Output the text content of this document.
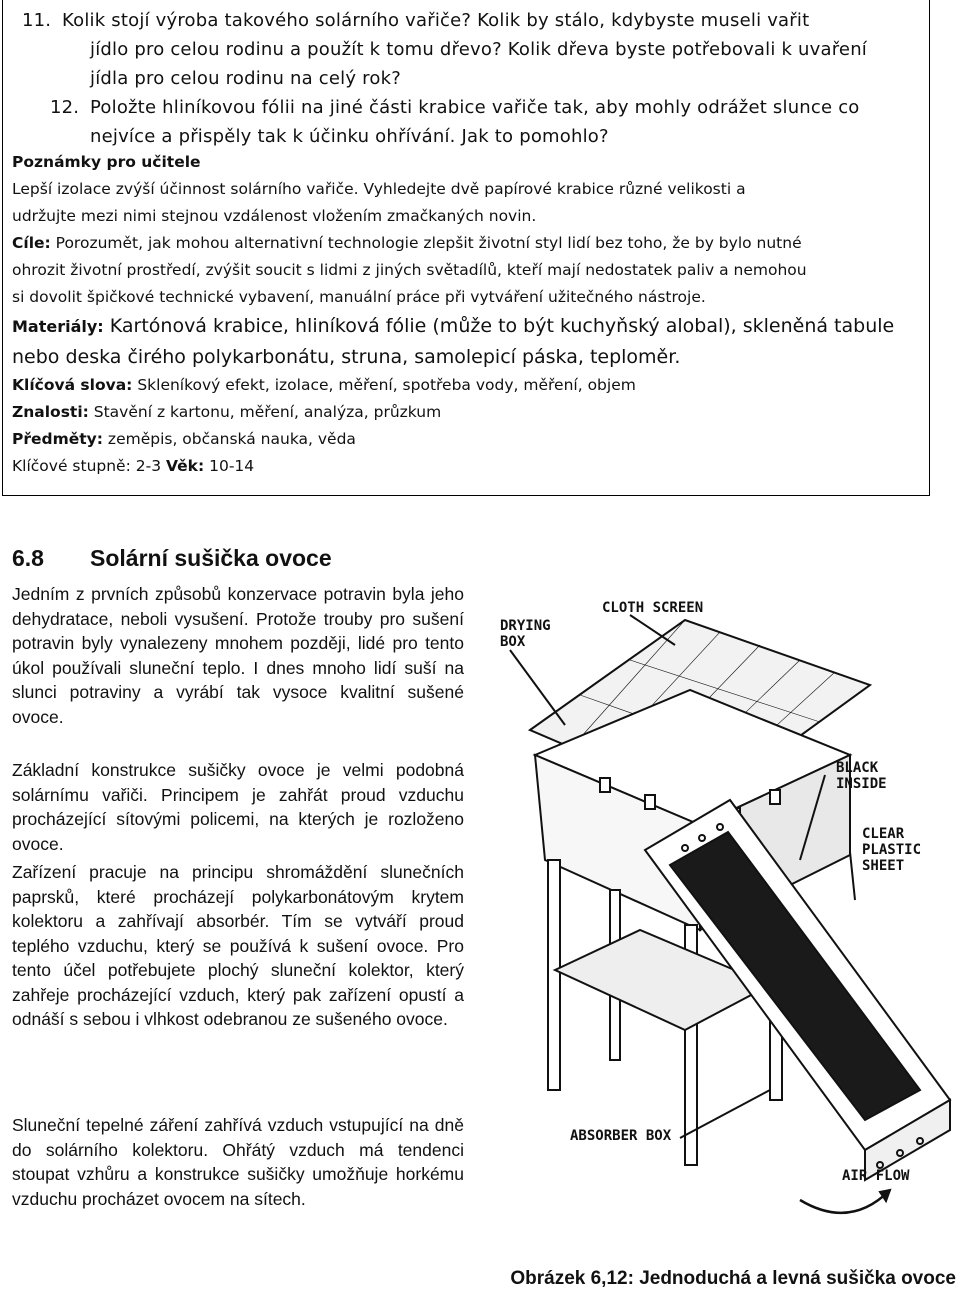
11. Kolik stojí výroba takového solárního vařiče? Kolik by stálo, kdybyste museli vařit
jídlo pro celou rodinu a použít k tomu dřevo? Kolik dřeva byste potřebovali k uvaření
jídla pro celou rodinu na celý rok?
12. Položte hliníkovou fólii na jiné části krabice vařiče tak, aby mohly odrážet slunce co
nejvíce a přispěly tak k účinku ohřívání. Jak to pomohlo?
Poznámky pro učitele
Lepší izolace zvýší účinnost solárního vařiče. Vyhledejte dvě papírové krabice různé velikosti a
udržujte mezi nimi stejnou vzdálenost vložením zmačkaných novin.
Cíle: Porozumět, jak mohou alternativní technologie zlepšit životní styl lidí bez toho, že by bylo nutné
ohrozit životní prostředí, zvýšit soucit s lidmi z jiných světadílů, kteří mají nedostatek paliv a nemohou
si dovolit špičkové technické vybavení, manuální práce při vytváření užitečného nástroje.
Materiály: Kartónová krabice, hliníková fólie (může to být kuchyňský alobal), skleněná tabule
nebo deska čirého polykarbonátu, struna, samolepicí páska, teploměr.
Klíčová slova: Skleníkový efekt, izolace, měření, spotřeba vody, měření, objem
Znalosti: Stavění z kartonu, měření, analýza, průzkum
Předměty: zeměpis, občanská nauka, věda
Klíčové stupně: 2-3 Věk: 10-14
6.8 Solární sušička ovoce

Jedním z prvních způsobů konzervace potravin byla jeho dehydratace, neboli vysušení. Protože trouby pro sušení potravin byly vynalezeny mnohem později, lidé pro tento úkol používali sluneční teplo. I dnes mnoho lidí suší na slunci potraviny a vyrábí tak vysoce kvalitní sušené ovoce.

Základní konstrukce sušičky ovoce je velmi podobná solárnímu vařiči. Principem je zahřát proud vzduchu procházející sítovými policemi, na kterých je rozloženo ovoce.

Zařízení pracuje na principu shromáždění slunečních paprsků, které procházejí polykarbonátovým krytem kolektoru a zahřívají absorbér. Tím se vytváří proud teplého vzduchu, který se používá k sušení ovoce. Pro tento účel potřebujete plochý sluneční kolektor, který zahřeje procházející vzduch, který pak zařízení opustí a odnáší s sebou i vlhkost odebranou ze sušeného ovoce.

Sluneční tepelné záření zahřívá vzduch vstupující na dně do solárního kolektoru. Ohřátý vzduch má tendenci stoupat vzhůru a konstrukce sušičky umožňuje horkému vzduchu procházet ovocem na sítech.

DRYING
BOX
CLOTH SCREEN
BLACK
INSIDE
CLEAR
PLASTIC
SHEET
ABSORBER BOX
AIR FLOW
Obrázek 6,12: Jednoduchá a levná sušička ovoce
